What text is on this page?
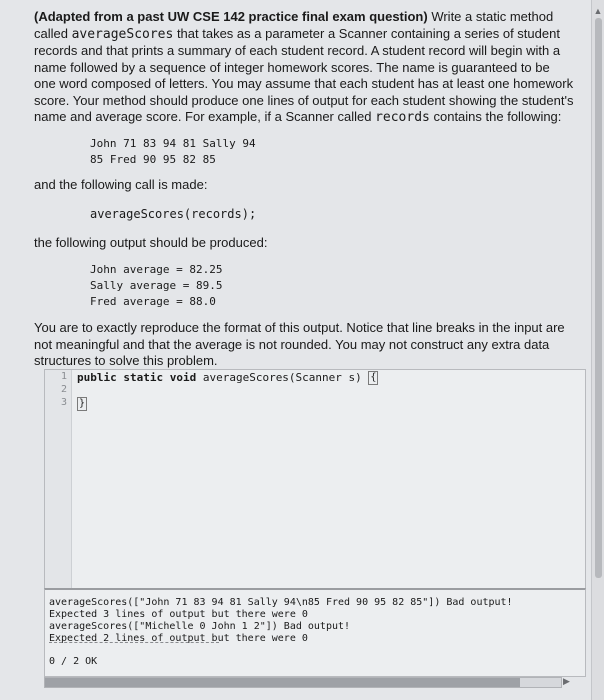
(Adapted from a past UW CSE 142 practice final exam question) Write a static method called averageScores that takes as a parameter a Scanner containing a series of student records and that prints a summary of each student record. A student record will begin with a name followed by a sequence of integer homework scores. The name is guaranteed to be one word composed of letters. You may assume that each student has at least one homework score. Your method should produce one lines of output for each student showing the student's name and average score. For example, if a Scanner called records contains the following:
John 71 83 94 81 Sally 94
85 Fred 90 95 82 85
and the following call is made:
averageScores(records);
the following output should be produced:
John average = 82.25
Sally average = 89.5
Fred average = 88.0
You are to exactly reproduce the format of this output. Notice that line breaks in the input are not meaningful and that the average is not rounded. You may not construct any extra data structures to solve this problem.
1
2
3
public static void averageScores(Scanner s) {
}
averageScores(["John 71 83 94 81 Sally 94\n85 Fred 90 95 82 85"]) Bad output!
Expected 3 lines of output but there were 0
averageScores(["Michelle 0 John 1 2"]) Bad output!
Expected 2 lines of output but there were 0
0 / 2 OK
▶
▲
